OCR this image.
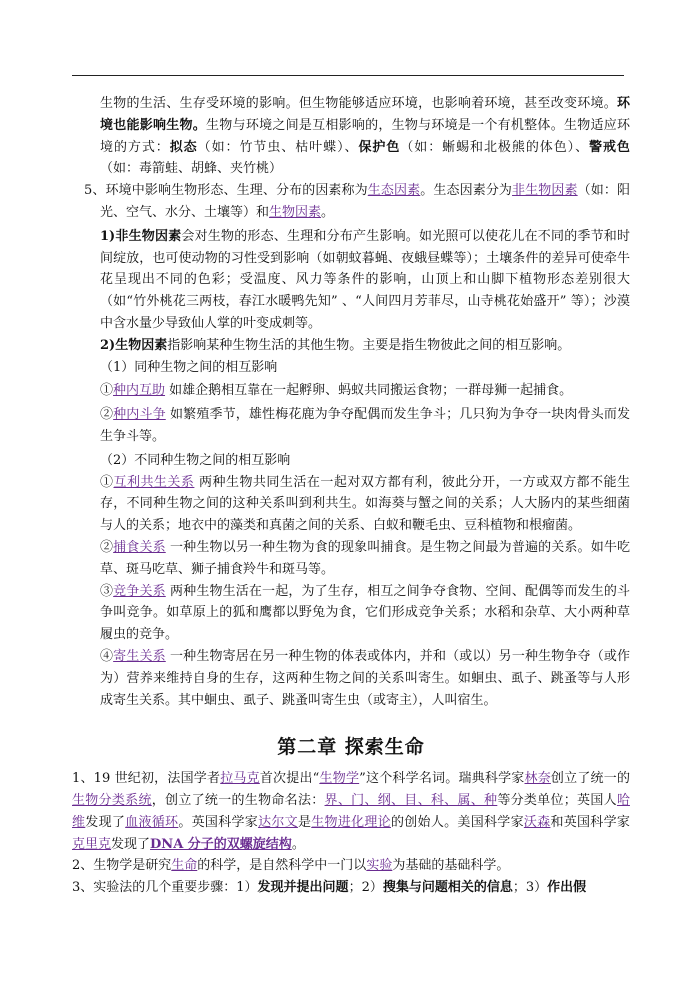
生物的生活、生存受环境的影响。但生物能够适应环境，也影响着环境，甚至改变环境。环境也能影响生物。生物与环境之间是互相影响的，生物与环境是一个有机整体。生物适应环境的方式：拟态（如：竹节虫、枯叶蝶）、保护色（如：蜥蜴和北极熊的体色）、警戒色（如：毒箭蛙、胡蜂、夹竹桃）

5、环境中影响生物形态、生理、分布的因素称为生态因素。生态因素分为非生物因素（如：阳光、空气、水分、土壤等）和生物因素。

1)非生物因素会对生物的形态、生理和分布产生影响。如光照可以使花儿在不同的季节和时间绽放，也可使动物的习性受到影响（如朝蚊暮蝇、夜蛾昼蝶等）；土壤条件的差异可使牵牛花呈现出不同的色彩；受温度、风力等条件的影响，山顶上和山脚下植物形态差别很大（如“竹外桃花三两枝，春江水暖鸭先知” 、“人间四月芳菲尽，山寺桃花始盛开” 等）；沙漠中含水量少导致仙人掌的叶变成刺等。

2)生物因素指影响某种生物生活的其他生物。主要是指生物彼此之间的相互影响。

（1）同种生物之间的相互影响

①种内互助 如雄企鹅相互靠在一起孵卵、蚂蚁共同搬运食物；一群母狮一起捕食。

②种内斗争 如繁殖季节，雄性梅花鹿为争夺配偶而发生争斗；几只狗为争夺一块肉骨头而发生争斗等。

（2）不同种生物之间的相互影响

①互利共生关系 两种生物共同生活在一起对双方都有利，彼此分开，一方或双方都不能生存，不同种生物之间的这种关系叫到利共生。如海葵与蟹之间的关系；人大肠内的某些细菌与人的关系；地衣中的藻类和真菌之间的关系、白蚁和鞭毛虫、豆科植物和根瘤菌。

②捕食关系 一种生物以另一种生物为食的现象叫捕食。是生物之间最为普遍的关系。如牛吃草、斑马吃草、狮子捕食羚牛和斑马等。

③竞争关系 两种生物生活在一起，为了生存，相互之间争夺食物、空间、配偶等而发生的斗争叫竞争。如草原上的狐和鹰都以野兔为食，它们形成竞争关系；水稻和杂草、大小两种草履虫的竞争。

④寄生关系 一种生物寄居在另一种生物的体表或体内，并和（或以）另一种生物争夺（或作为）营养来维持自身的生存，这两种生物之间的关系叫寄生。如蛔虫、虱子、跳蚤等与人形成寄生关系。其中蛔虫、虱子、跳蚤叫寄生虫（或寄主），人叫宿生。

第二章 探索生命

1、19 世纪初，法国学者拉马克首次提出“生物学”这个科学名词。瑞典科学家林奈创立了统一的生物分类系统，创立了统一的生物命名法：界、门、纲、目、科、属、种等分类单位；英国人哈维发现了血液循环。英国科学家达尔文是生物进化理论的创始人。美国科学家沃森和英国科学家克里克发现了DNA 分子的双螺旋结构。

2、生物学是研究生命的科学，是自然科学中一门以实验为基础的基础科学。

3、实验法的几个重要步骤：1）发现并提出问题；2）搜集与问题相关的信息；3）作出假
